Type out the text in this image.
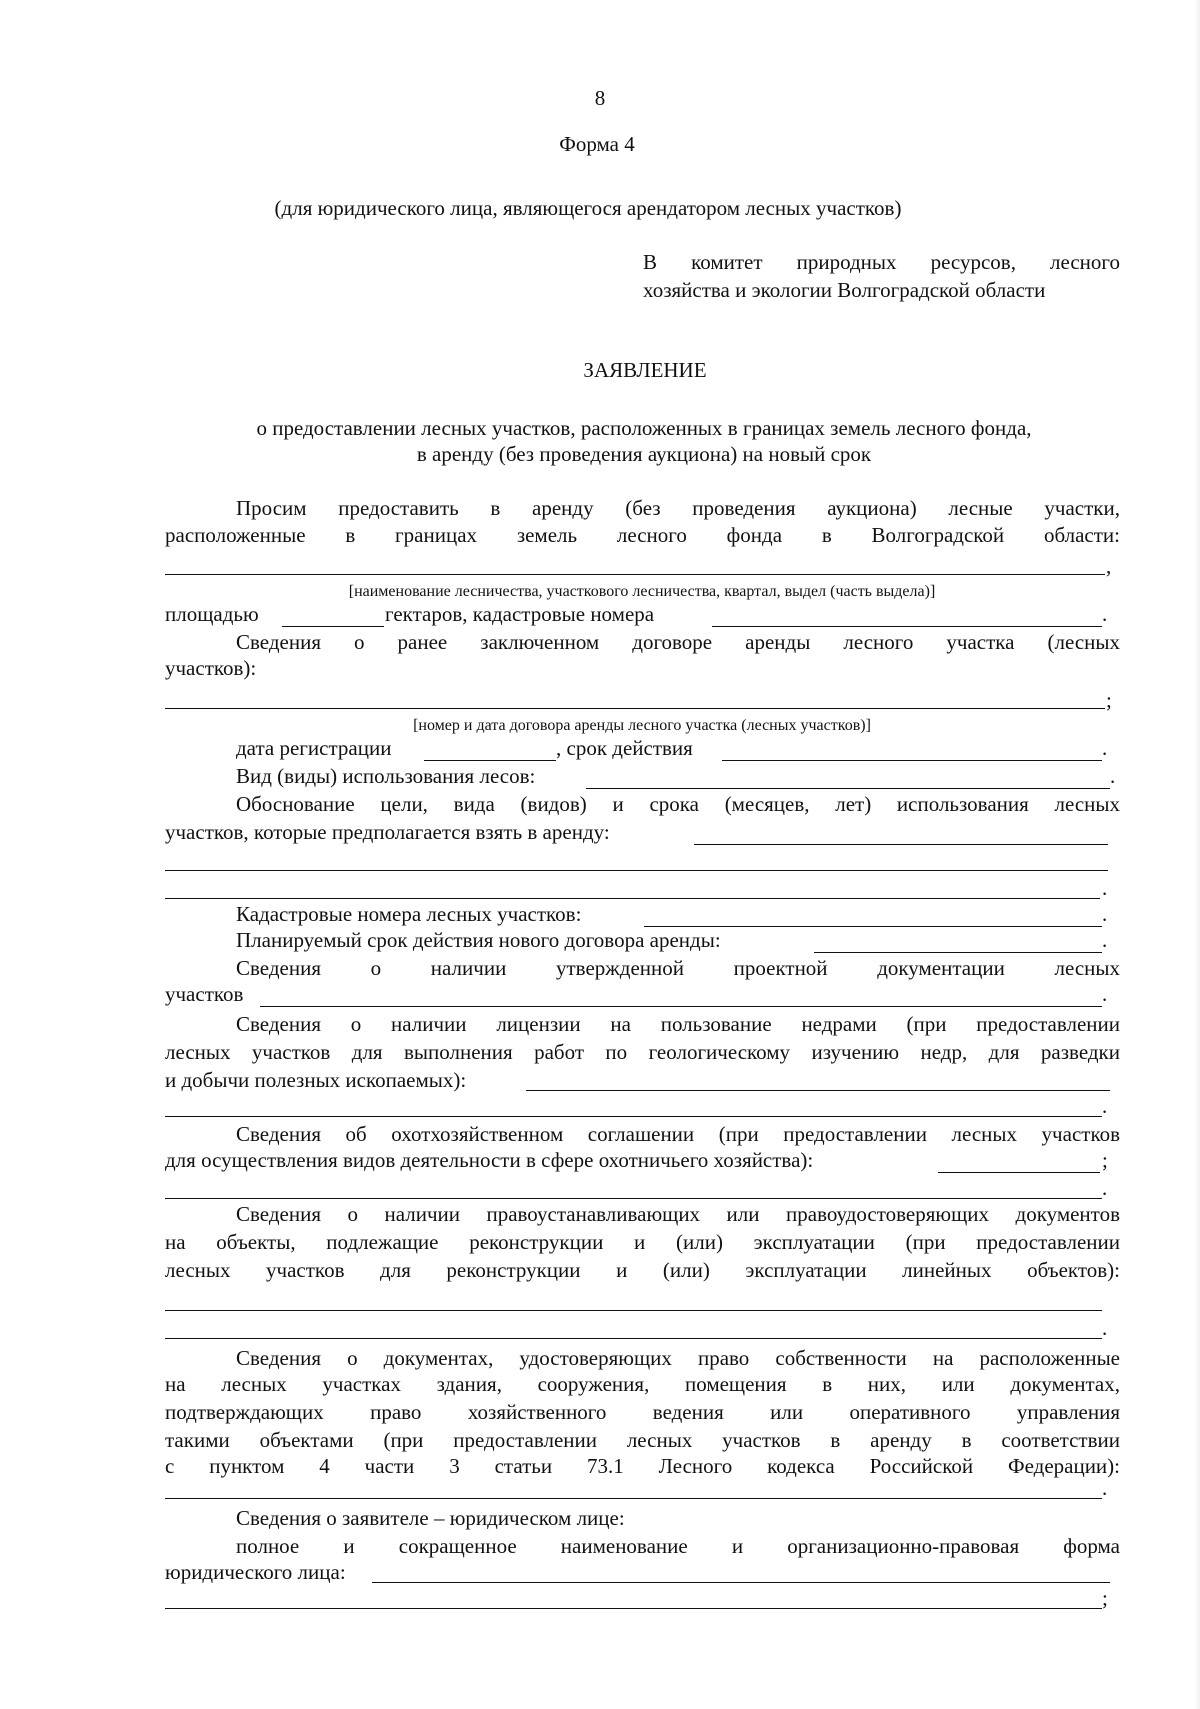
8

Форма 4

(для юридического лица, являющегося арендатором лесных участков)

В комитет природных ресурсов, лесного

хозяйства и экологии Волгоградской области

ЗАЯВЛЕНИЕ

о предоставлении лесных участков, расположенных в границах земель лесного фонда,

в аренду (без проведения аукциона) на новый срок

Просим предоставить в аренду (без проведения аукциона) лесные участки,

расположенные в границах земель лесного фонда в Волгоградской области:

,

[наименование лесничества, участкового лесничества, квартал, выдел (часть выдела)]

площадью	гектаров, кадастровые номера	.

Сведения о ранее заключенном договоре аренды лесного участка (лесных

участков):

;

[номер и дата договора аренды лесного участка (лесных участков)]

дата регистрации	, срок действия	.

Вид (виды) использования лесов:	.

Обоснование цели, вида (видов) и срока (месяцев, лет) использования лесных

участков, которые предполагается взять в аренду:

.

Кадастровые номера лесных участков:	.

Планируемый срок действия нового договора аренды:	.

Сведения о наличии утвержденной проектной документации лесных

участков	.

Сведения о наличии лицензии на пользование недрами (при предоставлении

лесных участков для выполнения работ по геологическому изучению недр, для разведки

и добычи полезных ископаемых):

.

Сведения об охотхозяйственном соглашении (при предоставлении лесных участков

для осуществления видов деятельности в сфере охотничьего хозяйства):	;

.

Сведения о наличии правоустанавливающих или правоудостоверяющих документов

на объекты, подлежащие реконструкции и (или) эксплуатации (при предоставлении

лесных участков для реконструкции и (или) эксплуатации линейных объектов):

.

Сведения о документах, удостоверяющих право собственности на расположенные

на лесных участках здания, сооружения, помещения в них, или документах,

подтверждающих право хозяйственного ведения или оперативного управления

такими объектами (при предоставлении лесных участков в аренду в соответствии

с пунктом 4 части 3 статьи 73.1 Лесного кодекса Российской Федерации):

.

Сведения о заявителе – юридическом лице:

полное и сокращенное наименование и организационно-правовая форма

юридического лица:

;
